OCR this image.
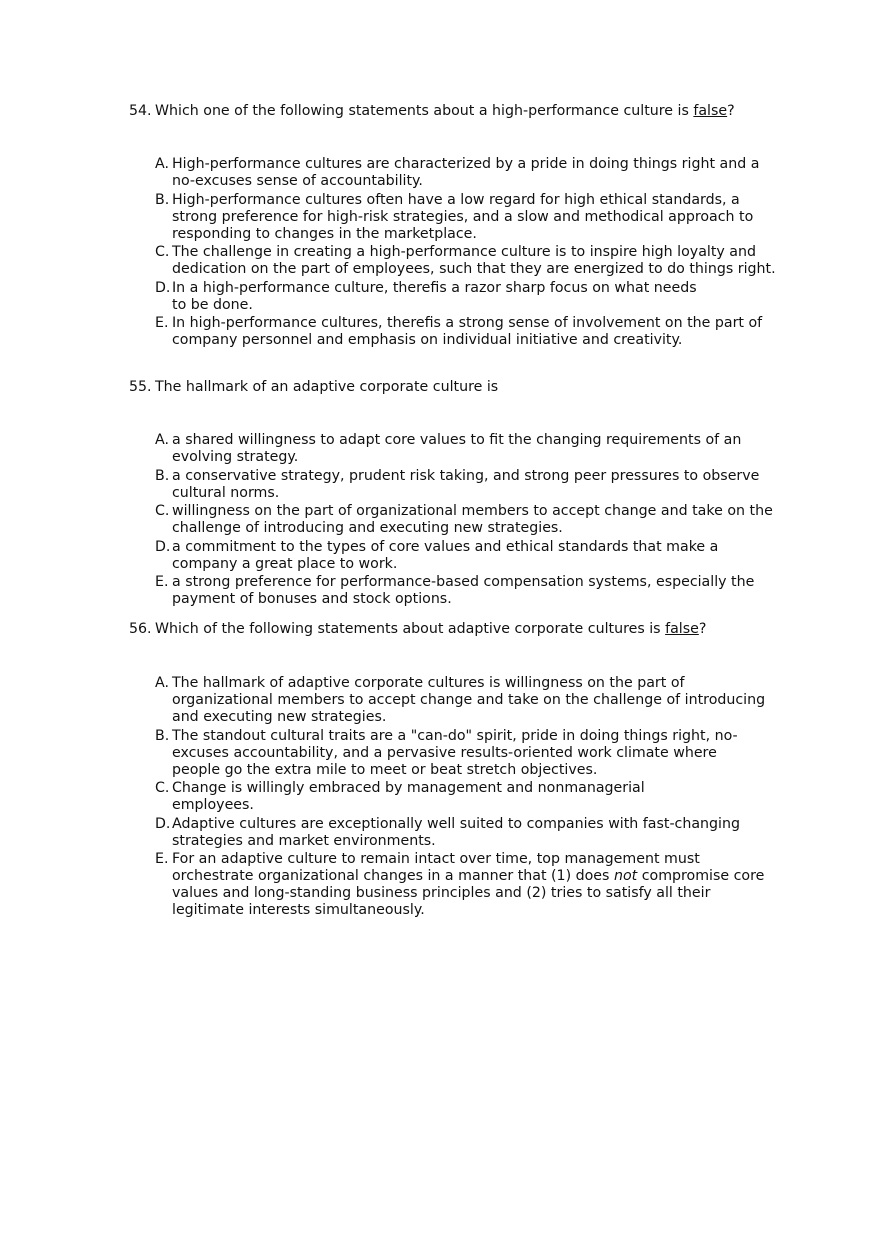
54. Which one of the following statements about a high-performance culture is false?
A. High-performance cultures are characterized by a pride in doing things right and a no-excuses sense of accountability.
B. High-performance cultures often have a low regard for high ethical standards, a strong preference for high-risk strategies, and a slow and methodical approach to responding to changes in the marketplace.
C. The challenge in creating a high-performance culture is to inspire high loyalty and dedication on the part of employees, such that they are energized to do things right.
D. In a high-performance culture, therefis a razor sharp focus on what needs to be done.
E. In high-performance cultures, therefis a strong sense of involvement on the part of company personnel and emphasis on individual initiative and creativity.
55. The hallmark of an adaptive corporate culture is
A. a shared willingness to adapt core values to fit the changing requirements of an evolving strategy.
B. a conservative strategy, prudent risk taking, and strong peer pressures to observe cultural norms.
C. willingness on the part of organizational members to accept change and take on the challenge of introducing and executing new strategies.
D. a commitment to the types of core values and ethical standards that make a company a great place to work.
E. a strong preference for performance-based compensation systems, especially the payment of bonuses and stock options.
56. Which of the following statements about adaptive corporate cultures is false?
A. The hallmark of adaptive corporate cultures is willingness on the part of organizational members to accept change and take on the challenge of introducing and executing new strategies.
B. The standout cultural traits are a "can-do" spirit, pride in doing things right, no-excuses accountability, and a pervasive results-oriented work climate where people go the extra mile to meet or beat stretch objectives.
C. Change is willingly embraced by management and nonmanagerial employees.
D. Adaptive cultures are exceptionally well suited to companies with fast-changing strategies and market environments.
E. For an adaptive culture to remain intact over time, top management must orchestrate organizational changes in a manner that (1) does not compromise core values and long-standing business principles and (2) tries to satisfy all their legitimate interests simultaneously.
